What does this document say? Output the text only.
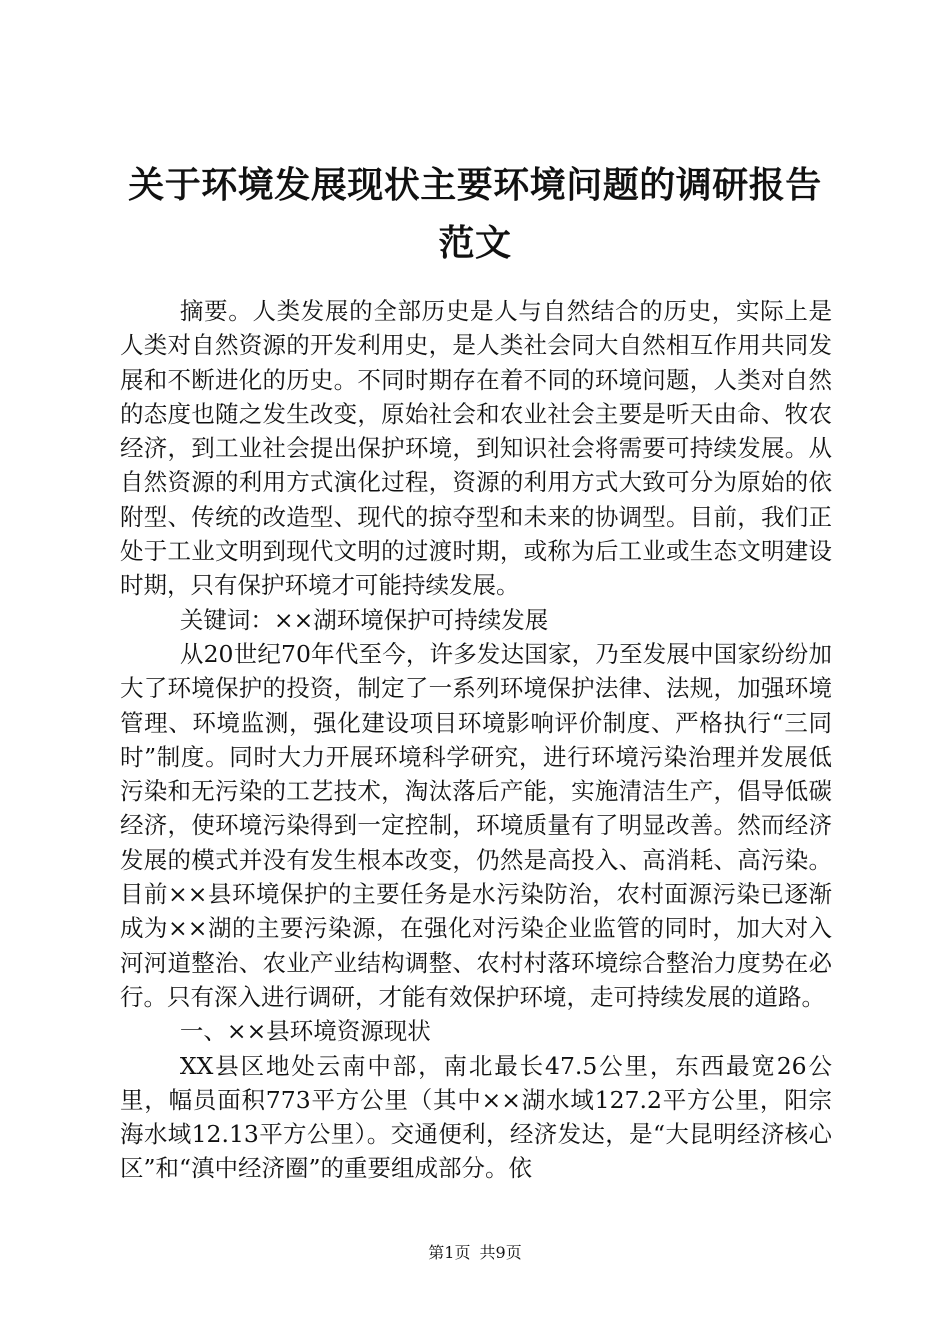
关于环境发展现状主要环境问题的调研报告范文

摘要。人类发展的全部历史是人与自然结合的历史，实际上是人类对自然资源的开发利用史，是人类社会同大自然相互作用共同发展和不断进化的历史。不同时期存在着不同的环境问题，人类对自然的态度也随之发生改变，原始社会和农业社会主要是听天由命、牧农经济，到工业社会提出保护环境，到知识社会将需要可持续发展。从自然资源的利用方式演化过程，资源的利用方式大致可分为原始的依附型、传统的改造型、现代的掠夺型和未来的协调型。目前，我们正处于工业文明到现代文明的过渡时期，或称为后工业或生态文明建设时期，只有保护环境才可能持续发展。

关键词：××湖环境保护可持续发展

从20世纪70年代至今，许多发达国家，乃至发展中国家纷纷加大了环境保护的投资，制定了一系列环境保护法律、法规，加强环境管理、环境监测，强化建设项目环境影响评价制度、严格执行“三同时”制度。同时大力开展环境科学研究，进行环境污染治理并发展低污染和无污染的工艺技术，淘汰落后产能，实施清洁生产，倡导低碳经济，使环境污染得到一定控制，环境质量有了明显改善。然而经济发展的模式并没有发生根本改变，仍然是高投入、高消耗、高污染。目前××县环境保护的主要任务是水污染防治，农村面源污染已逐渐成为××湖的主要污染源，在强化对污染企业监管的同时，加大对入河河道整治、农业产业结构调整、农村村落环境综合整治力度势在必行。只有深入进行调研，才能有效保护环境，走可持续发展的道路。

一、××县环境资源现状

XX县区地处云南中部，南北最长47.5公里，东西最宽26公里，幅员面积773平方公里（其中××湖水域127.2平方公里，阳宗海水域12.13平方公里）。交通便利，经济发达，是“大昆明经济核心区”和“滇中经济圈”的重要组成部分。依

第1页 共9页
